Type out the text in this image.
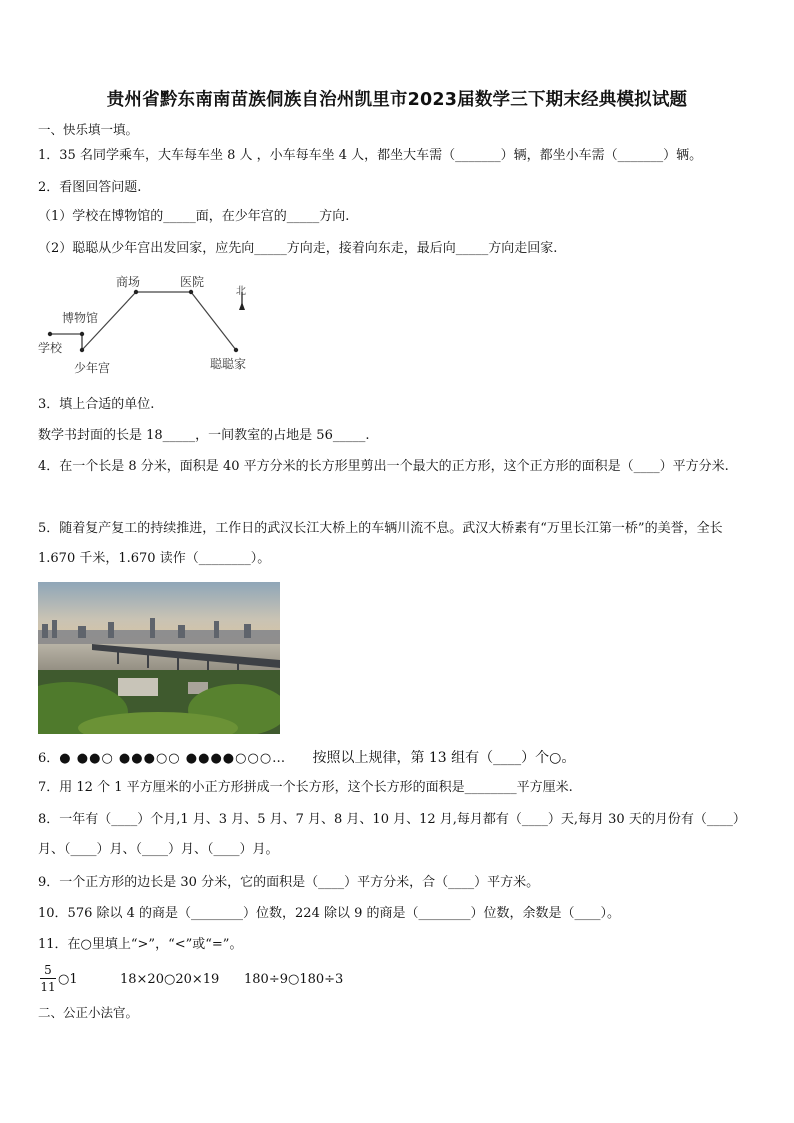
贵州省黔东南南苗族侗族自治州凯里市2023届数学三下期末经典模拟试题
一、快乐填一填。
1．35 名同学乘车，大车每车坐 8 人 ，小车每车坐 4 人，都坐大车需（_______）辆，都坐小车需（_______）辆。
2．看图回答问题.
（1）学校在博物馆的_____面，在少年宫的_____方向.
（2）聪聪从少年宫出发回家，应先向_____方向走，接着向东走，最后向_____方向走回家.
商场	医院
博物馆
学校
少年宫	聪聪家
北
3．填上合适的单位.
数学书封面的长是 18_____，一间教室的占地是 56_____.
4．在一个长是 8 分米，面积是 40 平方分米的长方形里剪出一个最大的正方形，这个正方形的面积是（____）平方分米.
5．随着复产复工的持续推进，工作日的武汉长江大桥上的车辆川流不息。武汉大桥素有“万里长江第一桥”的美誉，全长1.670 千米，1.670 读作（________）。
6．● ●●○ ●●●○○ ●●●●○○○… 按照以上规律，第 13 组有（____）个○。
7．用 12 个 1 平方厘米的小正方形拼成一个长方形，这个长方形的面积是________平方厘米.
8．一年有（____）个月,1 月、3 月、5 月、7 月、8 月、10 月、12 月,每月都有（____）天,每月 30 天的月份有（____）月、（____）月、（____）月、（____）月。
9．一个正方形的边长是 30 分米，它的面积是（____）平方分米，合（____）平方米。
10．576 除以 4 的商是（________）位数，224 除以 9 的商是（________）位数，余数是（____）。
11．在○里填上“>”，“<”或“=”。
5
11 ○1	18×20○20×19 180÷9○180÷3
二、公正小法官。
